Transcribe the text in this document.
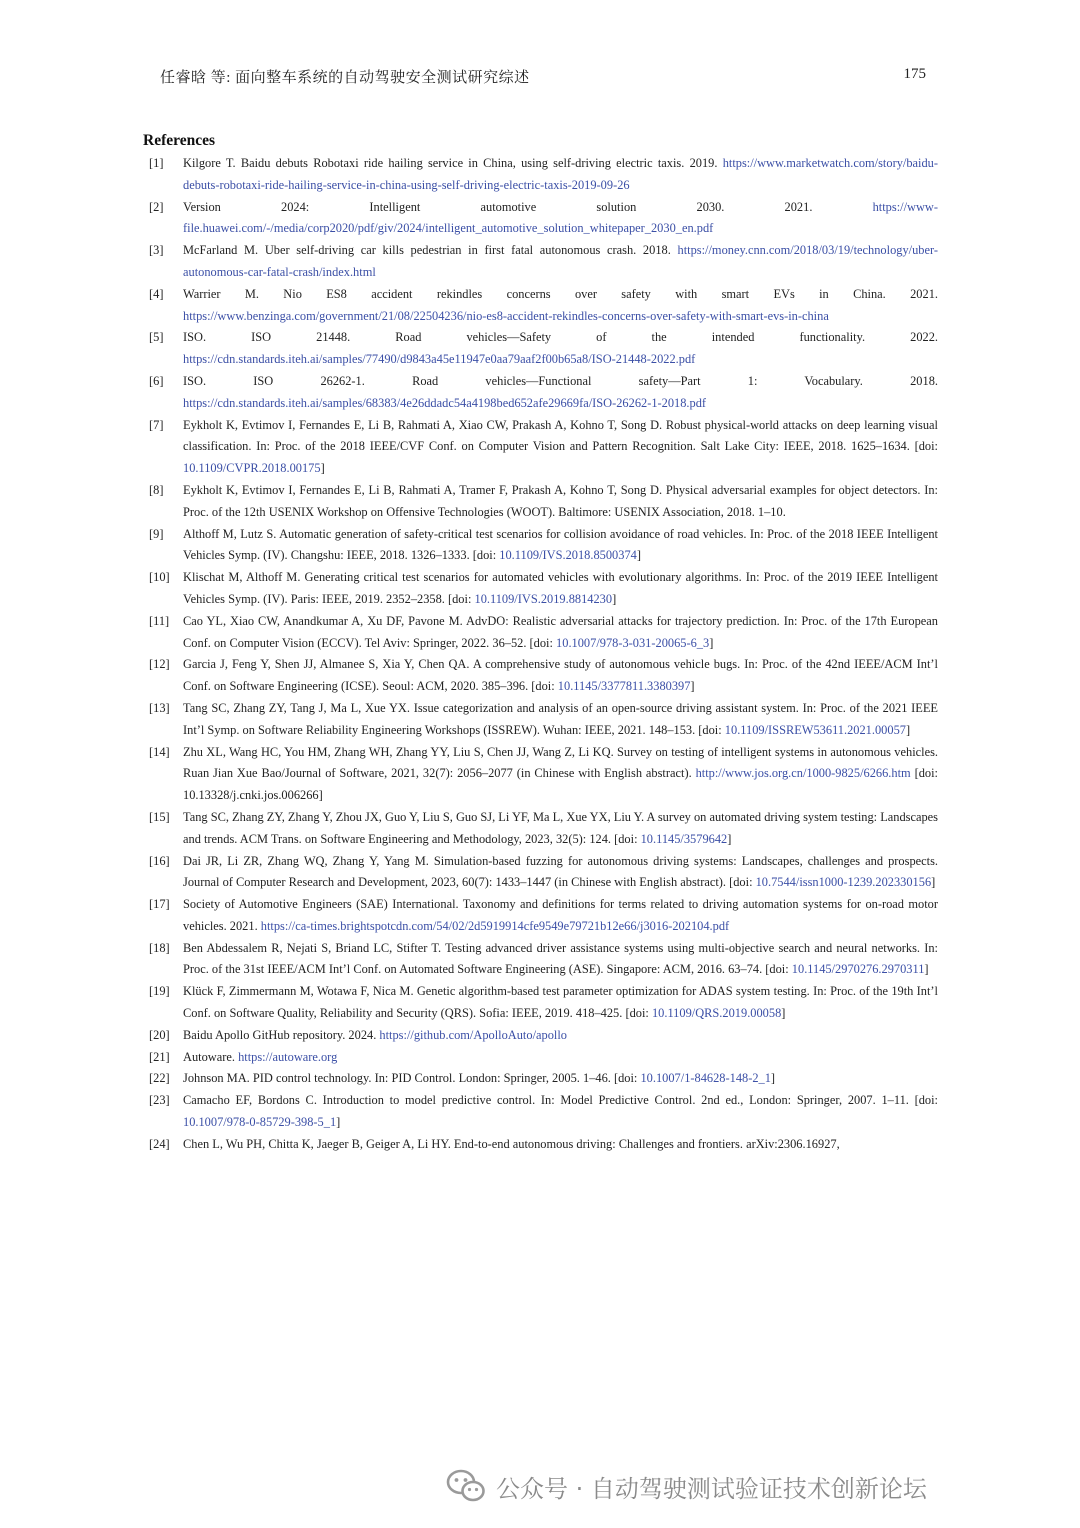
任睿晗 等: 面向整车系统的自动驾驶安全测试研究综述	175
References
[1]	Kilgore T. Baidu debuts Robotaxi ride hailing service in China, using self-driving electric taxis. 2019. https://www.marketwatch.com/story/baidu-debuts-robotaxi-ride-hailing-service-in-china-using-self-driving-electric-taxis-2019-09-26
[2]	Version 2024: Intelligent automotive solution 2030. 2021. https://www-file.huawei.com/-/media/corp2020/pdf/giv/2024/intelligent_automotive_solution_whitepaper_2030_en.pdf
[3]	McFarland M. Uber self-driving car kills pedestrian in first fatal autonomous crash. 2018. https://money.cnn.com/2018/03/19/technology/uber-autonomous-car-fatal-crash/index.html
[4]	Warrier M. Nio ES8 accident rekindles concerns over safety with smart EVs in China. 2021. https://www.benzinga.com/government/21/08/22504236/nio-es8-accident-rekindles-concerns-over-safety-with-smart-evs-in-china
[5]	ISO. ISO 21448. Road vehicles—Safety of the intended functionality. 2022. https://cdn.standards.iteh.ai/samples/77490/d9843a45e11947e0aa79aaf2f00b65a8/ISO-21448-2022.pdf
[6]	ISO. ISO 26262-1. Road vehicles—Functional safety—Part 1: Vocabulary. 2018. https://cdn.standards.iteh.ai/samples/68383/4e26ddadc54a4198bed652afe29669fa/ISO-26262-1-2018.pdf
[7]	Eykholt K, Evtimov I, Fernandes E, Li B, Rahmati A, Xiao CW, Prakash A, Kohno T, Song D. Robust physical-world attacks on deep learning visual classification. In: Proc. of the 2018 IEEE/CVF Conf. on Computer Vision and Pattern Recognition. Salt Lake City: IEEE, 2018. 1625–1634. [doi: 10.1109/CVPR.2018.00175]
[8]	Eykholt K, Evtimov I, Fernandes E, Li B, Rahmati A, Tramer F, Prakash A, Kohno T, Song D. Physical adversarial examples for object detectors. In: Proc. of the 12th USENIX Workshop on Offensive Technologies (WOOT). Baltimore: USENIX Association, 2018. 1–10.
[9]	Althoff M, Lutz S. Automatic generation of safety-critical test scenarios for collision avoidance of road vehicles. In: Proc. of the 2018 IEEE Intelligent Vehicles Symp. (IV). Changshu: IEEE, 2018. 1326–1333. [doi: 10.1109/IVS.2018.8500374]
[10]	Klischat M, Althoff M. Generating critical test scenarios for automated vehicles with evolutionary algorithms. In: Proc. of the 2019 IEEE Intelligent Vehicles Symp. (IV). Paris: IEEE, 2019. 2352–2358. [doi: 10.1109/IVS.2019.8814230]
[11]	Cao YL, Xiao CW, Anandkumar A, Xu DF, Pavone M. AdvDO: Realistic adversarial attacks for trajectory prediction. In: Proc. of the 17th European Conf. on Computer Vision (ECCV). Tel Aviv: Springer, 2022. 36–52. [doi: 10.1007/978-3-031-20065-6_3]
[12]	Garcia J, Feng Y, Shen JJ, Almanee S, Xia Y, Chen QA. A comprehensive study of autonomous vehicle bugs. In: Proc. of the 42nd IEEE/ACM Int’l Conf. on Software Engineering (ICSE). Seoul: ACM, 2020. 385–396. [doi: 10.1145/3377811.3380397]
[13]	Tang SC, Zhang ZY, Tang J, Ma L, Xue YX. Issue categorization and analysis of an open-source driving assistant system. In: Proc. of the 2021 IEEE Int’l Symp. on Software Reliability Engineering Workshops (ISSREW). Wuhan: IEEE, 2021. 148–153. [doi: 10.1109/ISSREW53611.2021.00057]
[14]	Zhu XL, Wang HC, You HM, Zhang WH, Zhang YY, Liu S, Chen JJ, Wang Z, Li KQ. Survey on testing of intelligent systems in autonomous vehicles. Ruan Jian Xue Bao/Journal of Software, 2021, 32(7): 2056–2077 (in Chinese with English abstract). http://www.jos.org.cn/1000-9825/6266.htm [doi: 10.13328/j.cnki.jos.006266]
[15]	Tang SC, Zhang ZY, Zhang Y, Zhou JX, Guo Y, Liu S, Guo SJ, Li YF, Ma L, Xue YX, Liu Y. A survey on automated driving system testing: Landscapes and trends. ACM Trans. on Software Engineering and Methodology, 2023, 32(5): 124. [doi: 10.1145/3579642]
[16]	Dai JR, Li ZR, Zhang WQ, Zhang Y, Yang M. Simulation-based fuzzing for autonomous driving systems: Landscapes, challenges and prospects. Journal of Computer Research and Development, 2023, 60(7): 1433–1447 (in Chinese with English abstract). [doi: 10.7544/issn1000-1239.202330156]
[17]	Society of Automotive Engineers (SAE) International. Taxonomy and definitions for terms related to driving automation systems for on-road motor vehicles. 2021. https://ca-times.brightspotcdn.com/54/02/2d5919914cfe9549e79721b12e66/j3016-202104.pdf
[18]	Ben Abdessalem R, Nejati S, Briand LC, Stifter T. Testing advanced driver assistance systems using multi-objective search and neural networks. In: Proc. of the 31st IEEE/ACM Int’l Conf. on Automated Software Engineering (ASE). Singapore: ACM, 2016. 63–74. [doi: 10.1145/2970276.2970311]
[19]	Klück F, Zimmermann M, Wotawa F, Nica M. Genetic algorithm-based test parameter optimization for ADAS system testing. In: Proc. of the 19th Int’l Conf. on Software Quality, Reliability and Security (QRS). Sofia: IEEE, 2019. 418–425. [doi: 10.1109/QRS.2019.00058]
[20]	Baidu Apollo GitHub repository. 2024. https://github.com/ApolloAuto/apollo
[21]	Autoware. https://autoware.org
[22]	Johnson MA. PID control technology. In: PID Control. London: Springer, 2005. 1–46. [doi: 10.1007/1-84628-148-2_1]
[23]	Camacho EF, Bordons C. Introduction to model predictive control. In: Model Predictive Control. 2nd ed., London: Springer, 2007. 1–11. [doi: 10.1007/978-0-85729-398-5_1]
[24]	Chen L, Wu PH, Chitta K, Jaeger B, Geiger A, Li HY. End-to-end autonomous driving: Challenges and frontiers. arXiv:2306.16927,
公众号 · 自动驾驶测试验证技术创新论坛
